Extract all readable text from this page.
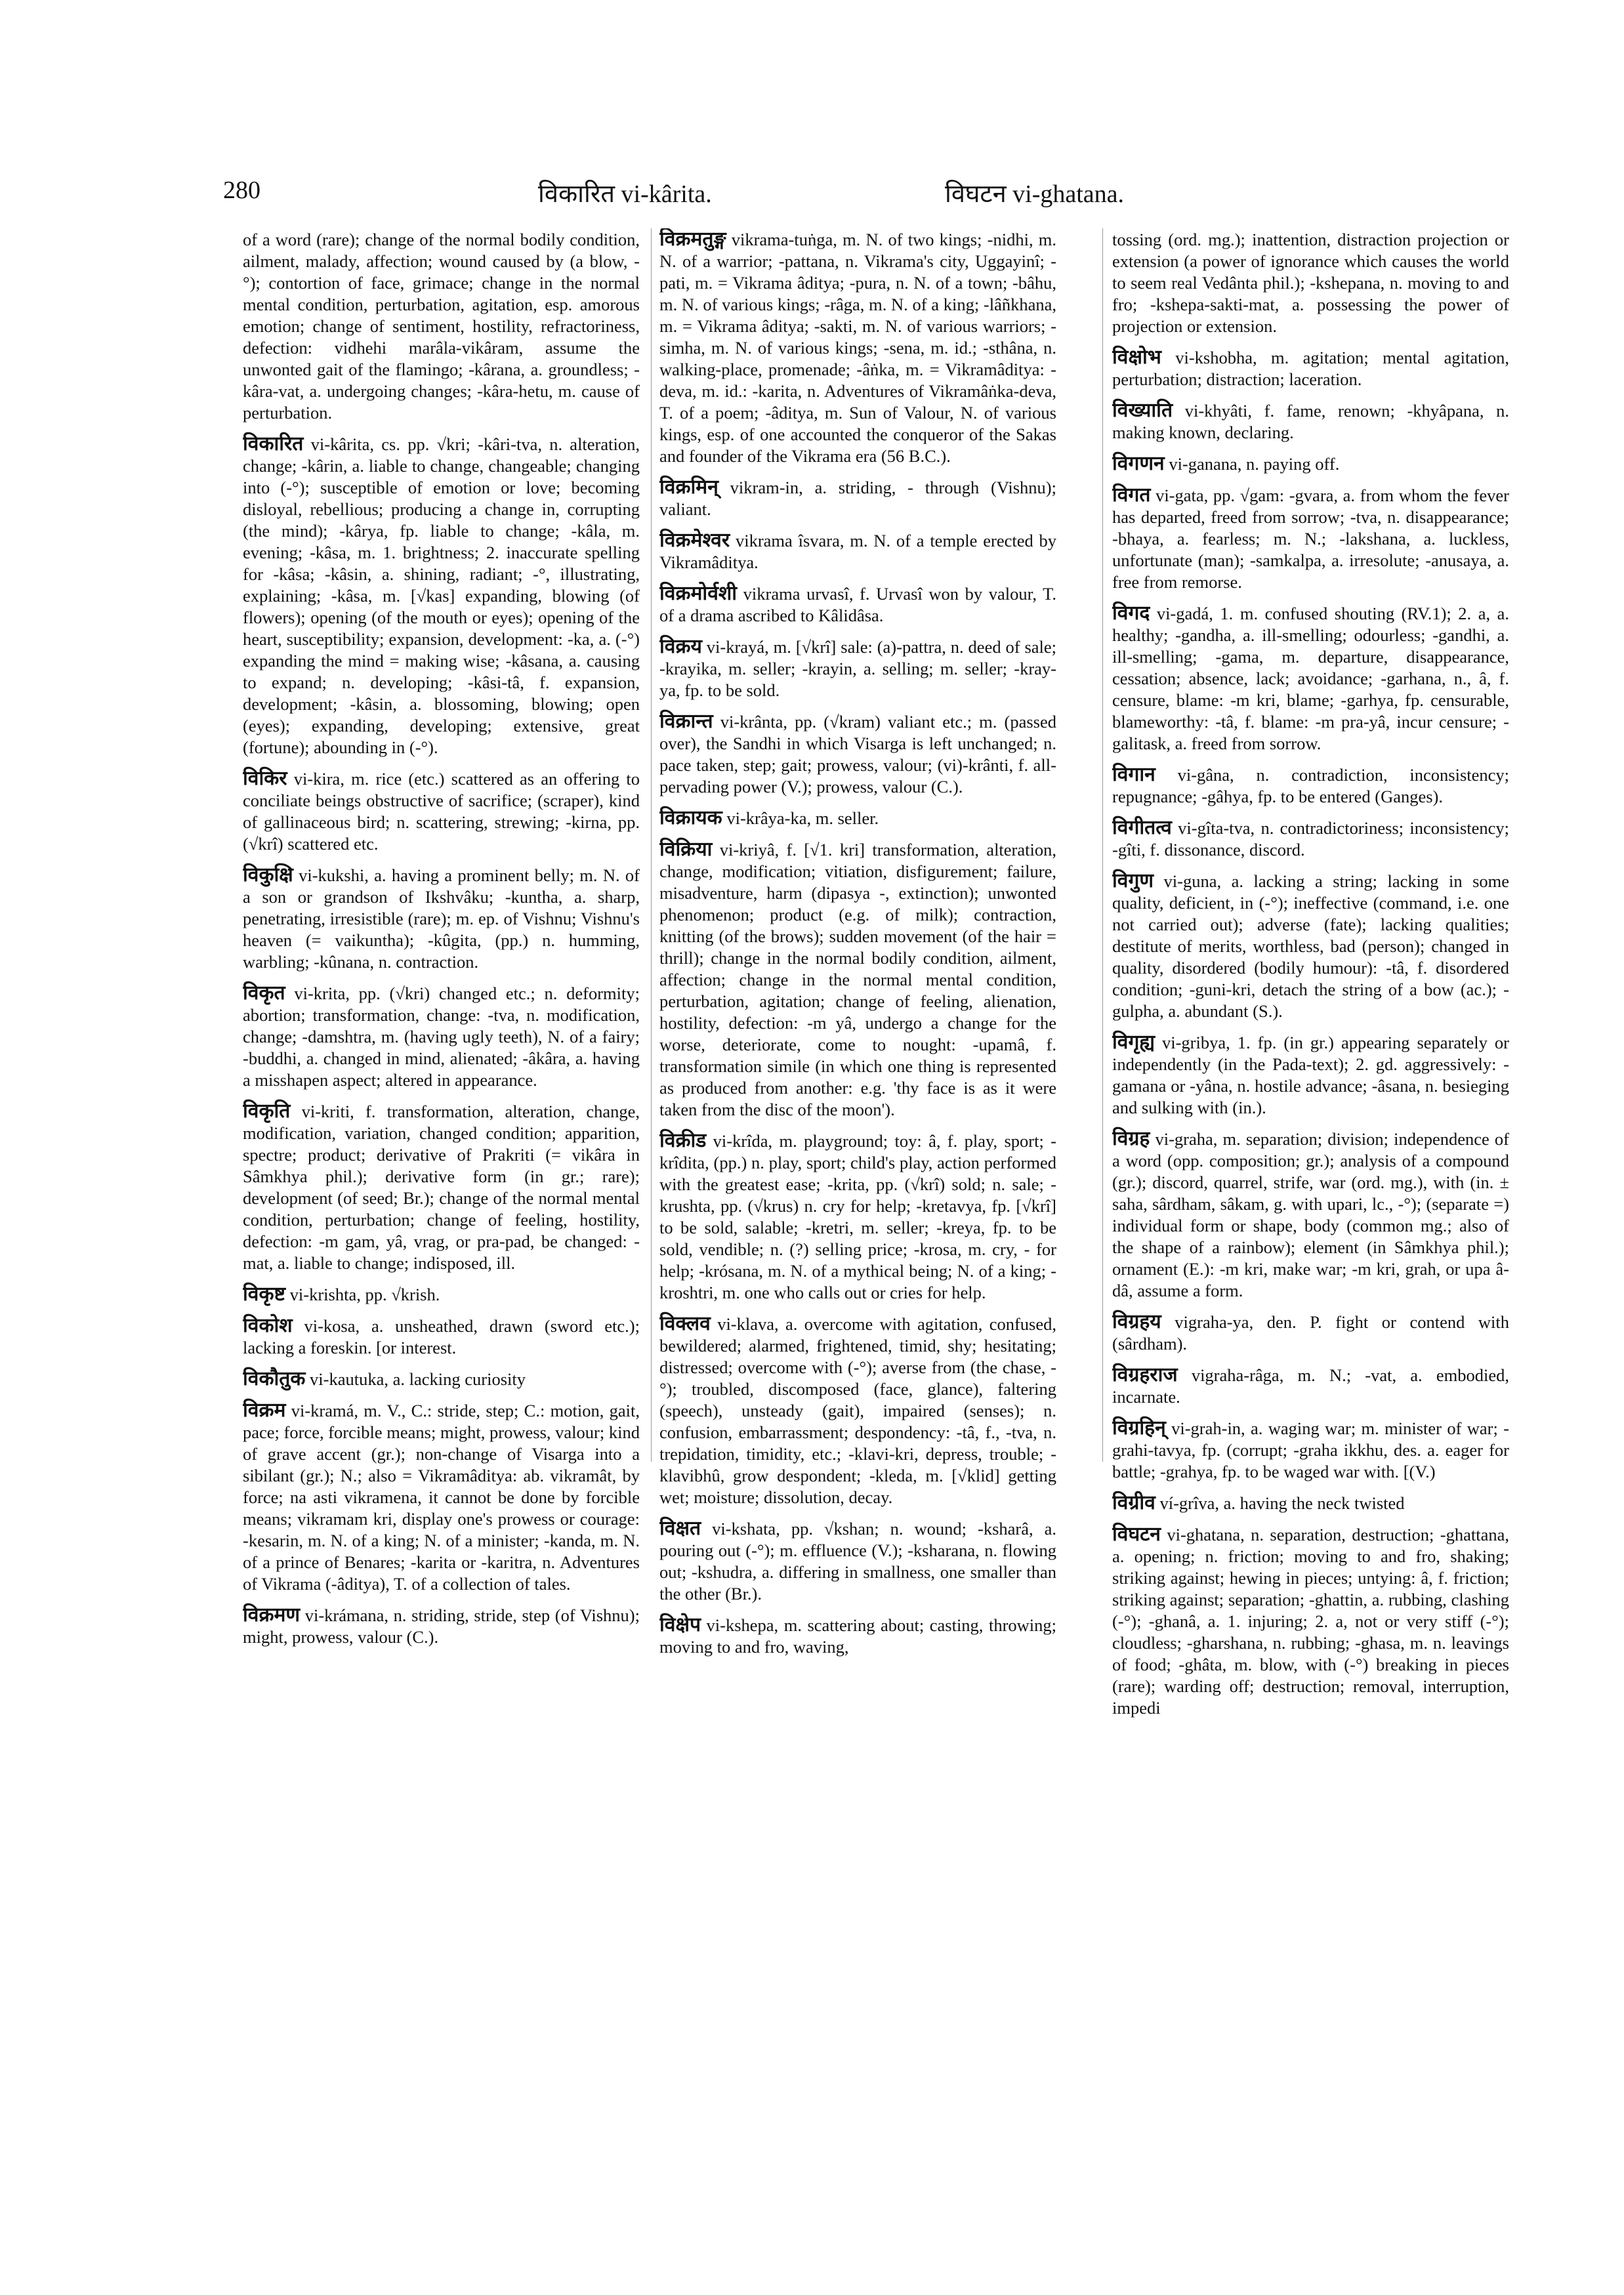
280	विकारित vi-kârita.	विघटन vi-ghatana.

of a word (rare); change of the normal bodily condition, ailment, malady, affection; wound caused by (a blow, -°); contortion of face, grimace; change in the normal mental condition, perturbation, agitation, esp. amorous emotion; change of sentiment, hostility, refractoriness, defection: vidhehi marâla-vikâram, assume the unwonted gait of the flamingo; -kârana, a. groundless; -kâra-vat, a. undergoing changes; -kâra-hetu, m. cause of perturbation.

विकारित vi-kârita, cs. pp. √kri; -kâri-tva, n. alteration, change; -kârin, a. liable to change, changeable; changing into (-°); susceptible of emotion or love; becoming disloyal, rebellious; producing a change in, corrupting (the mind); -kârya, fp. liable to change; -kâla, m. evening; -kâsa, m. 1. brightness; 2. inaccurate spelling for -kâsa; -kâsin, a. shining, radiant; -°, illustrating, explaining; -kâsa, m. [√kas] expanding, blowing (of flowers); opening (of the mouth or eyes); opening of the heart, susceptibility; expansion, development: -ka, a. (-°) expanding the mind = making wise; -kâsana, a. causing to expand; n. developing; -kâsi-tâ, f. expansion, development; -kâsin, a. blossoming, blowing; open (eyes); expanding, developing; extensive, great (fortune); abounding in (-°).

विकिर vi-kira, m. rice (etc.) scattered as an offering to conciliate beings obstructive of sacrifice; (scraper), kind of gallinaceous bird; n. scattering, strewing; -kirna, pp. (√krî) scattered etc.

विकुक्षि vi-kukshi, a. having a prominent belly; m. N. of a son or grandson of Ikshvâku; -kuntha, a. sharp, penetrating, irresistible (rare); m. ep. of Vishnu; Vishnu's heaven (= vaikuntha); -kûgita, (pp.) n. humming, warbling; -kûnana, n. contraction.

विकृत vi-krita, pp. (√kri) changed etc.; n. deformity; abortion; transformation, change: -tva, n. modification, change; -damshtra, m. (having ugly teeth), N. of a fairy; -buddhi, a. changed in mind, alienated; -âkâra, a. having a misshapen aspect; altered in appearance.

विकृति vi-kriti, f. transformation, alteration, change, modification, variation, changed condition; apparition, spectre; product; derivative of Prakriti (= vikâra in Sâmkhya phil.); derivative form (in gr.; rare); development (of seed; Br.); change of the normal mental condition, perturbation; change of feeling, hostility, defection: -m gam, yâ, vrag, or pra-pad, be changed: -mat, a. liable to change; indisposed, ill.

विकृष्ट vi-krishta, pp. √krish.

विकोश vi-kosa, a. unsheathed, drawn (sword etc.); lacking a foreskin. [or interest.

विकौतुक vi-kautuka, a. lacking curiosity

विक्रम vi-kramá, m. V., C.: stride, step; C.: motion, gait, pace; force, forcible means; might, prowess, valour; kind of grave accent (gr.); non-change of Visarga into a sibilant (gr.); N.; also = Vikramâditya: ab. vikramât, by force; na asti vikramena, it cannot be done by forcible means; vikramam kri, display one's prowess or courage: -kesarin, m. N. of a king; N. of a minister; -kanda, m. N. of a prince of Benares; -karita or -karitra, n. Adventures of Vikrama (-âditya), T. of a collection of tales.

विक्रमण vi-krámana, n. striding, stride, step (of Vishnu); might, prowess, valour (C.).

विक्रमतुङ्ग vikrama-tuṅga, m. N. of two kings; -nidhi, m. N. of a warrior; -pattana, n. Vikrama's city, Uggayinî; -pati, m. = Vikrama âditya; -pura, n. N. of a town; -bâhu, m. N. of various kings; -râga, m. N. of a king; -lâñkhana, m. = Vikrama âditya; -sakti, m. N. of various warriors; -simha, m. N. of various kings; -sena, m. id.; -sthâna, n. walking-place, promenade; -âṅka, m. = Vikramâditya: -deva, m. id.: -karita, n. Adventures of Vikramâṅka-deva, T. of a poem; -âditya, m. Sun of Valour, N. of various kings, esp. of one accounted the conqueror of the Sakas and founder of the Vikrama era (56 B.C.).

विक्रमिन् vikram-in, a. striding, - through (Vishnu); valiant.

विक्रमेश्वर vikrama îsvara, m. N. of a temple erected by Vikramâditya.

विक्रमोर्वशी vikrama urvasî, f. Urvasî won by valour, T. of a drama ascribed to Kâlidâsa.

विक्रय vi-krayá, m. [√krî] sale: (a)-pattra, n. deed of sale; -krayika, m. seller; -krayin, a. selling; m. seller; -kray-ya, fp. to be sold.

विक्रान्त vi-krânta, pp. (√kram) valiant etc.; m. (passed over), the Sandhi in which Visarga is left unchanged; n. pace taken, step; gait; prowess, valour; (vi)-krânti, f. all-pervading power (V.); prowess, valour (C.).

विक्रायक vi-krâya-ka, m. seller.

विक्रिया vi-kriyâ, f. [√1. kri] transformation, alteration, change, modification; vitiation, disfigurement; failure, misadventure, harm (dipasya -, extinction); unwonted phenomenon; product (e.g. of milk); contraction, knitting (of the brows); sudden movement (of the hair = thrill); change in the normal bodily condition, ailment, affection; change in the normal mental condition, perturbation, agitation; change of feeling, alienation, hostility, defection: -m yâ, undergo a change for the worse, deteriorate, come to nought: -upamâ, f. transformation simile (in which one thing is represented as produced from another: e.g. 'thy face is as it were taken from the disc of the moon').

विक्रीड vi-krîda, m. playground; toy: â, f. play, sport; -krîdita, (pp.) n. play, sport; child's play, action performed with the greatest ease; -krita, pp. (√krî) sold; n. sale; -krushta, pp. (√krus) n. cry for help; -kretavya, fp. [√krî] to be sold, salable; -kretri, m. seller; -kreya, fp. to be sold, vendible; n. (?) selling price; -krosa, m. cry, - for help; -krósana, m. N. of a mythical being; N. of a king; -kroshtri, m. one who calls out or cries for help.

विक्लव vi-klava, a. overcome with agitation, confused, bewildered; alarmed, frightened, timid, shy; hesitating; distressed; overcome with (-°); averse from (the chase, -°); troubled, discomposed (face, glance), faltering (speech), unsteady (gait), impaired (senses); n. confusion, embarrassment; despondency: -tâ, f., -tva, n. trepidation, timidity, etc.; -klavi-kri, depress, trouble; -klavibhû, grow despondent; -kleda, m. [√klid] getting wet; moisture; dissolution, decay.

विक्षत vi-kshata, pp. √kshan; n. wound; -ksharâ, a. pouring out (-°); m. effluence (V.); -ksharana, n. flowing out; -kshudra, a. differing in smallness, one smaller than the other (Br.).

विक्षेप vi-kshepa, m. scattering about; casting, throwing; moving to and fro, waving,

tossing (ord. mg.); inattention, distraction projection or extension (a power of ignorance which causes the world to seem real Vedânta phil.); -kshepana, n. moving to and fro; -kshepa-sakti-mat, a. possessing the power of projection or extension.

विक्षोभ vi-kshobha, m. agitation; mental agitation, perturbation; distraction; laceration.

विख्याति vi-khyâti, f. fame, renown; -khyâpana, n. making known, declaring.

विगणन vi-ganana, n. paying off.

विगत vi-gata, pp. √gam: -gvara, a. from whom the fever has departed, freed from sorrow; -tva, n. disappearance; -bhaya, a. fearless; m. N.; -lakshana, a. luckless, unfortunate (man); -samkalpa, a. irresolute; -anusaya, a. free from remorse.

विगद vi-gadá, 1. m. confused shouting (RV.1); 2. a, a. healthy; -gandha, a. ill-smelling; odourless; -gandhi, a. ill-smelling; -gama, m. departure, disappearance, cessation; absence, lack; avoidance; -garhana, n., â, f. censure, blame: -m kri, blame; -garhya, fp. censurable, blameworthy: -tâ, f. blame: -m pra-yâ, incur censure; -galitask, a. freed from sorrow.

विगान vi-gâna, n. contradiction, inconsistency; repugnance; -gâhya, fp. to be entered (Ganges).

विगीतत्व vi-gîta-tva, n. contradictoriness; inconsistency; -gîti, f. dissonance, discord.

विगुण vi-guna, a. lacking a string; lacking in some quality, deficient, in (-°); ineffective (command, i.e. one not carried out); adverse (fate); lacking qualities; destitute of merits, worthless, bad (person); changed in quality, disordered (bodily humour): -tâ, f. disordered condition; -guni-kri, detach the string of a bow (ac.); -gulpha, a. abundant (S.).

विगृह्य vi-gribya, 1. fp. (in gr.) appearing separately or independently (in the Pada-text); 2. gd. aggressively: -gamana or -yâna, n. hostile advance; -âsana, n. besieging and sulking with (in.).

विग्रह vi-graha, m. separation; division; independence of a word (opp. composition; gr.); analysis of a compound (gr.); discord, quarrel, strife, war (ord. mg.), with (in. ± saha, sârdham, sâkam, g. with upari, lc., -°); (separate =) individual form or shape, body (common mg.; also of the shape of a rainbow); element (in Sâmkhya phil.); ornament (E.): -m kri, make war; -m kri, grah, or upa â-dâ, assume a form.

विग्रहय vigraha-ya, den. P. fight or contend with (sârdham).

विग्रहराज vigraha-râga, m. N.; -vat, a. embodied, incarnate.

विग्रहिन् vi-grah-in, a. waging war; m. minister of war; -grahi-tavya, fp. (corrupt; -graha ikkhu, des. a. eager for battle; -grahya, fp. to be waged war with. [(V.)

विग्रीव ví-grîva, a. having the neck twisted

विघटन vi-ghatana, n. separation, destruction; -ghattana, a. opening; n. friction; moving to and fro, shaking; striking against; hewing in pieces; untying: â, f. friction; striking against; separation; -ghattin, a. rubbing, clashing (-°); -ghanâ, a. 1. injuring; 2. a, not or very stiff (-°); cloudless; -gharshana, n. rubbing; -ghasa, m. n. leavings of food; -ghâta, m. blow, with (-°) breaking in pieces (rare); warding off; destruction; removal, interruption, impedi
